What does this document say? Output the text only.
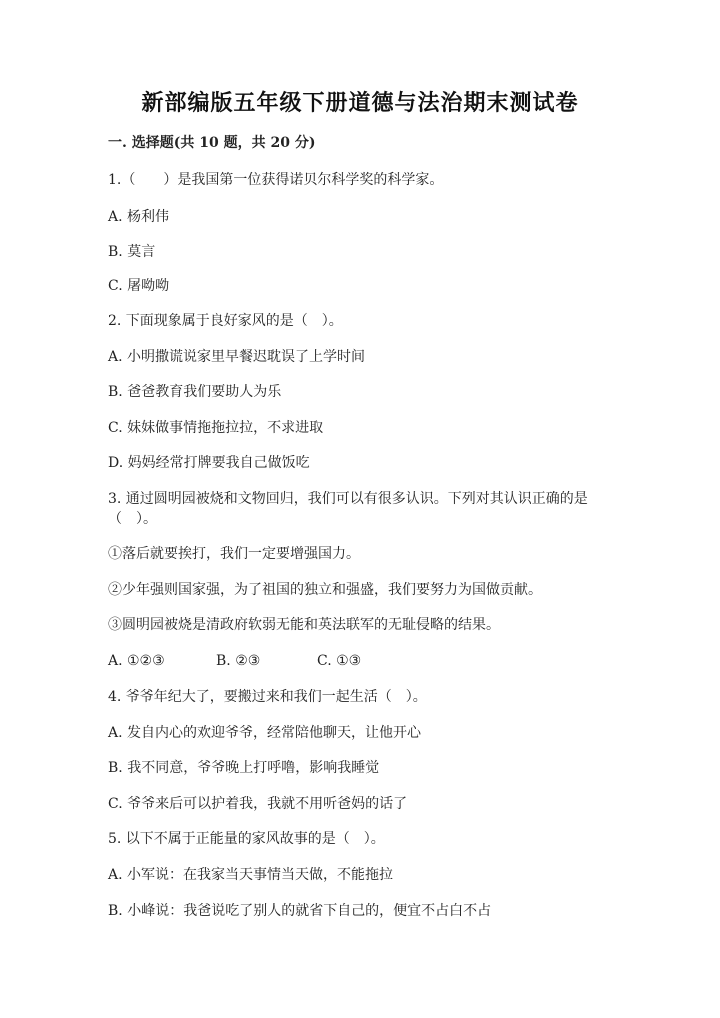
新部编版五年级下册道德与法治期末测试卷
一. 选择题(共 10 题，共 20 分)
1.（　　）是我国第一位获得诺贝尔科学奖的科学家。
A. 杨利伟
B. 莫言
C. 屠呦呦
2. 下面现象属于良好家风的是（　）。
A. 小明撒谎说家里早餐迟耽误了上学时间
B. 爸爸教育我们要助人为乐
C. 妹妹做事情拖拖拉拉，不求进取
D. 妈妈经常打牌要我自己做饭吃
3. 通过圆明园被烧和文物回归，我们可以有很多认识。下列对其认识正确的是
（　）。
①落后就要挨打，我们一定要增强国力。
②少年强则国家强，为了祖国的独立和强盛，我们要努力为国做贡献。
③圆明园被烧是清政府软弱无能和英法联军的无耻侵略的结果。
A. ①②③	B. ②③	C. ①③
4. 爷爷年纪大了，要搬过来和我们一起生活（　）。
A. 发自内心的欢迎爷爷，经常陪他聊天，让他开心
B. 我不同意，爷爷晚上打呼噜，影响我睡觉
C. 爷爷来后可以护着我，我就不用听爸妈的话了
5. 以下不属于正能量的家风故事的是（　）。
A. 小军说：在我家当天事情当天做，不能拖拉
B. 小峰说：我爸说吃了别人的就省下自己的，便宜不占白不占
